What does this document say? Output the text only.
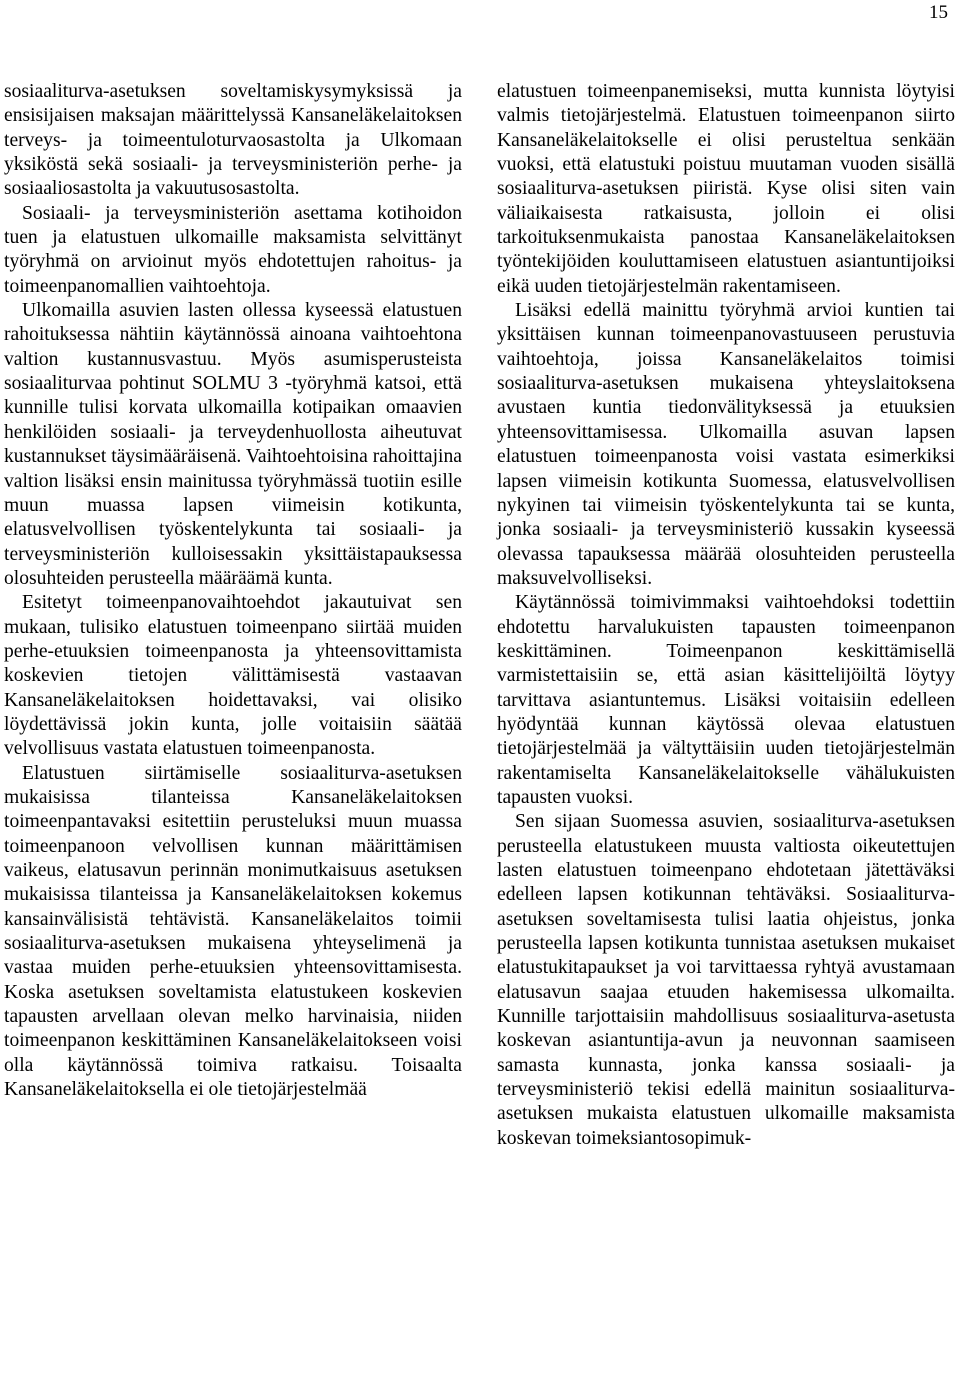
15

sosiaaliturva-asetuksen soveltamiskysymyksissä ja ensisijaisen maksajan määrittelyssä Kansaneläkelaitoksen terveys- ja toimeentuloturvaosastolta ja Ulkomaan yksiköstä sekä sosiaali- ja terveysministeriön perhe- ja sosiaaliosastolta ja vakuutusosastolta.

Sosiaali- ja terveysministeriön asettama kotihoidon tuen ja elatustuen ulkomaille maksamista selvittänyt työryhmä on arvioinut myös ehdotettujen rahoitus- ja toimeenpanomallien vaihtoehtoja.

Ulkomailla asuvien lasten ollessa kyseessä elatustuen rahoituksessa nähtiin käytännössä ainoana vaihtoehtona valtion kustannusvastuu. Myös asumisperusteista sosiaaliturvaa pohtinut SOLMU 3 -työryhmä katsoi, että kunnille tulisi korvata ulkomailla kotipaikan omaavien henkilöiden sosiaali- ja terveydenhuollosta aiheutuvat kustannukset täysimääräisenä. Vaihtoehtoisina rahoittajina valtion lisäksi ensin mainitussa työryhmässä tuotiin esille muun muassa lapsen viimeisin kotikunta, elatusvelvollisen työskentelykunta tai sosiaali- ja terveysministeriön kulloisessakin yksittäistapauksessa olosuhteiden perusteella määräämä kunta.

Esitetyt toimeenpanovaihtoehdot jakautuivat sen mukaan, tulisiko elatustuen toimeenpano siirtää muiden perhe-etuuksien toimeenpanosta ja yhteensovittamista koskevien tietojen välittämisestä vastaavan Kansaneläkelaitoksen hoidettavaksi, vai olisiko löydettävissä jokin kunta, jolle voitaisiin säätää velvollisuus vastata elatustuen toimeenpanosta.

Elatustuen siirtämiselle sosiaaliturva-asetuksen mukaisissa tilanteissa Kansaneläkelaitoksen toimeenpantavaksi esitettiin perusteluksi muun muassa toimeenpanoon velvollisen kunnan määrittämisen vaikeus, elatusavun perinnän monimutkaisuus asetuksen mukaisissa tilanteissa ja Kansaneläkelaitoksen kokemus kansainvälisistä tehtävistä. Kansaneläkelaitos toimii sosiaaliturva-asetuksen mukaisena yhteyselimenä ja vastaa muiden perhe-etuuksien yhteensovittamisesta. Koska asetuksen soveltamista elatustukeen koskevien tapausten arvellaan olevan melko harvinaisia, niiden toimeenpanon keskittäminen Kansaneläkelaitokseen voisi olla käytännössä toimiva ratkaisu. Toisaalta Kansaneläkelaitoksella ei ole tietojärjestelmää

elatustuen toimeenpanemiseksi, mutta kunnista löytyisi valmis tietojärjestelmä. Elatustuen toimeenpanon siirto Kansaneläkelaitokselle ei olisi perusteltua senkään vuoksi, että elatustuki poistuu muutaman vuoden sisällä sosiaaliturva-asetuksen piiristä. Kyse olisi siten vain väliaikaisesta ratkaisusta, jolloin ei olisi tarkoituksenmukaista panostaa Kansaneläkelaitoksen työntekijöiden kouluttamiseen elatustuen asiantuntijoiksi eikä uuden tietojärjestelmän rakentamiseen.

Lisäksi edellä mainittu työryhmä arvioi kuntien tai yksittäisen kunnan toimeenpanovastuuseen perustuvia vaihtoehtoja, joissa Kansaneläkelaitos toimisi sosiaaliturva-asetuksen mukaisena yhteyslaitoksena avustaen kuntia tiedonvälityksessä ja etuuksien yhteensovittamisessa. Ulkomailla asuvan lapsen elatustuen toimeenpanosta voisi vastata esimerkiksi lapsen viimeisin kotikunta Suomessa, elatusvelvollisen nykyinen tai viimeisin työskentelykunta tai se kunta, jonka sosiaali- ja terveysministeriö kussakin kyseessä olevassa tapauksessa määrää olosuhteiden perusteella maksuvelvolliseksi.

Käytännössä toimivimmaksi vaihtoehdoksi todettiin ehdotettu harvalukuisten tapausten toimeenpanon keskittäminen. Toimeenpanon keskittämisellä varmistettaisiin se, että asian käsittelijöiltä löytyy tarvittava asiantuntemus. Lisäksi voitaisiin edelleen hyödyntää kunnan käytössä olevaa elatustuen tietojärjestelmää ja vältyttäisiin uuden tietojärjestelmän rakentamiselta Kansaneläkelaitokselle vähälukuisten tapausten vuoksi.

Sen sijaan Suomessa asuvien, sosiaaliturva-asetuksen perusteella elatustukeen muusta valtiosta oikeutettujen lasten elatustuen toimeenpano ehdotetaan jätettäväksi edelleen lapsen kotikunnan tehtäväksi. Sosiaaliturva-asetuksen soveltamisesta tulisi laatia ohjeistus, jonka perusteella lapsen kotikunta tunnistaa asetuksen mukaiset elatustukitapaukset ja voi tarvittaessa ryhtyä avustamaan elatusavun saajaa etuuden hakemisessa ulkomailta. Kunnille tarjottaisiin mahdollisuus sosiaaliturva-asetusta koskevan asiantuntija-avun ja neuvonnan saamiseen samasta kunnasta, jonka kanssa sosiaali- ja terveysministeriö tekisi edellä mainitun sosiaaliturva-asetuksen mukaista elatustuen ulkomaille maksamista koskevan toimeksiantosopimuk-
